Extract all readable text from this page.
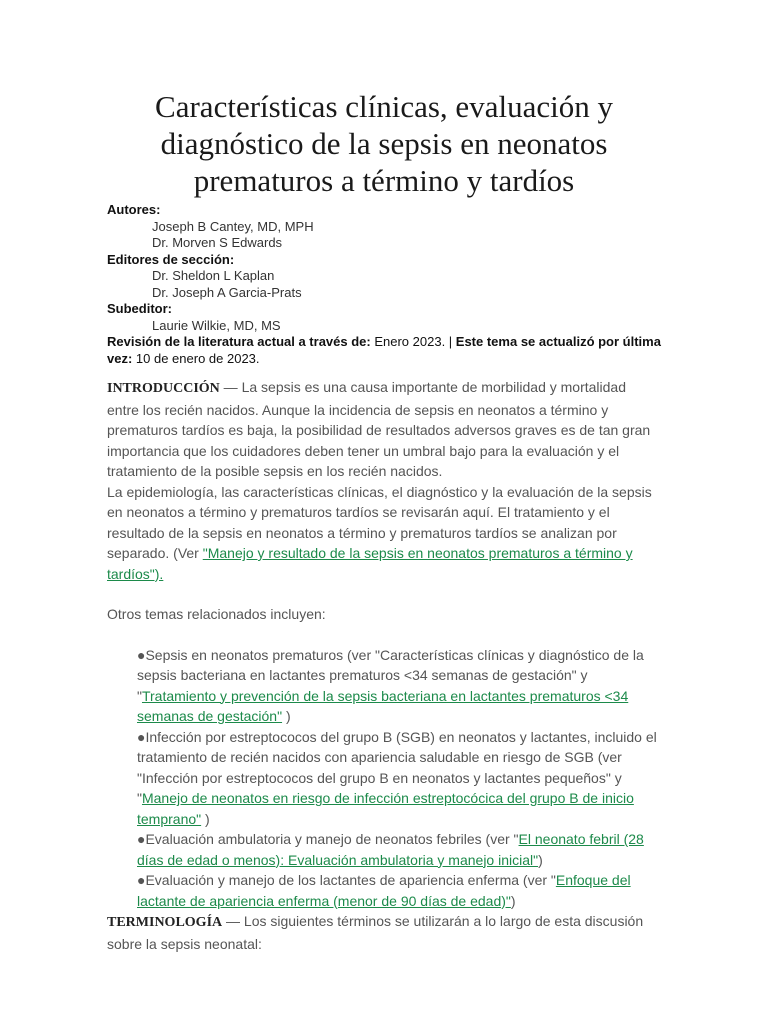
Características clínicas, evaluación y diagnóstico de la sepsis en neonatos prematuros a término y tardíos
Autores:
Joseph B Cantey, MD, MPH
Dr. Morven S Edwards
Editores de sección:
Dr. Sheldon L Kaplan
Dr. Joseph A Garcia-Prats
Subeditor:
Laurie Wilkie, MD, MS
Revisión de la literatura actual a través de: Enero 2023. | Este tema se actualizó por última vez: 10 de enero de 2023.

INTRODUCCIÓN — La sepsis es una causa importante de morbilidad y mortalidad entre los recién nacidos. Aunque la incidencia de sepsis en neonatos a término y prematuros tardíos es baja, la posibilidad de resultados adversos graves es de tan gran importancia que los cuidadores deben tener un umbral bajo para la evaluación y el tratamiento de la posible sepsis en los recién nacidos.

La epidemiología, las características clínicas, el diagnóstico y la evaluación de la sepsis en neonatos a término y prematuros tardíos se revisarán aquí. El tratamiento y el resultado de la sepsis en neonatos a término y prematuros tardíos se analizan por separado. (Ver "Manejo y resultado de la sepsis en neonatos prematuros a término y tardíos").

Otros temas relacionados incluyen:

●Sepsis en neonatos prematuros (ver "Características clínicas y diagnóstico de la sepsis bacteriana en lactantes prematuros <34 semanas de gestación" y "Tratamiento y prevención de la sepsis bacteriana en lactantes prematuros <34 semanas de gestación" )

●Infección por estreptococos del grupo B (SGB) en neonatos y lactantes, incluido el tratamiento de recién nacidos con apariencia saludable en riesgo de SGB (ver "Infección por estreptococos del grupo B en neonatos y lactantes pequeños" y "Manejo de neonatos en riesgo de infección estreptocócica del grupo B de inicio temprano" )

●Evaluación ambulatoria y manejo de neonatos febriles (ver "El neonato febril (28 días de edad o menos): Evaluación ambulatoria y manejo inicial")

●Evaluación y manejo de los lactantes de apariencia enferma (ver "Enfoque del lactante de apariencia enferma (menor de 90 días de edad)")

TERMINOLOGÍA — Los siguientes términos se utilizarán a lo largo de esta discusión sobre la sepsis neonatal:
